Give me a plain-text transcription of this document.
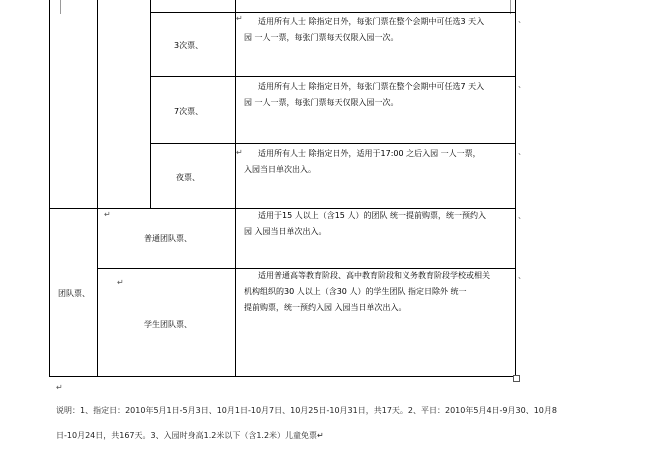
3次票、
适用所有人士 除指定日外，每张门票在整个会期中可任选3 天入
园 一人一票，每张门票每天仅限入园一次。
↵	、
7次票、
适用所有人士 除指定日外，每张门票在整个会期中可任选7 天入
园 一人一票，每张门票每天仅限入园一次。
、
夜票、
适用所有人士 除指定日外，适用于17:00 之后入园 一人一票，
入园当日单次出入。
↵	、
↵
普通团队票、
适用于15 人以上（含15 人）的团队 统一提前购票，统一预约入
园 入园当日单次出入。
、
团队票、
↵
学生团队票、
适用普通高等教育阶段、高中教育阶段和义务教育阶段学校或相关
机构组织的30 人以上（含30 人）的学生团队 指定日除外 统一
提前购票，统一预约入园 入园当日单次出入。
、
↵
说明：1、指定日：2010年5月1日-5月3日、10月1日-10月7日、10月25日-10月31日，共17天。2、平日：2010年5月4日-9月30、10月8
日-10月24日，共167天。3、入园时身高1.2米以下（含1.2米）儿童免票↵
